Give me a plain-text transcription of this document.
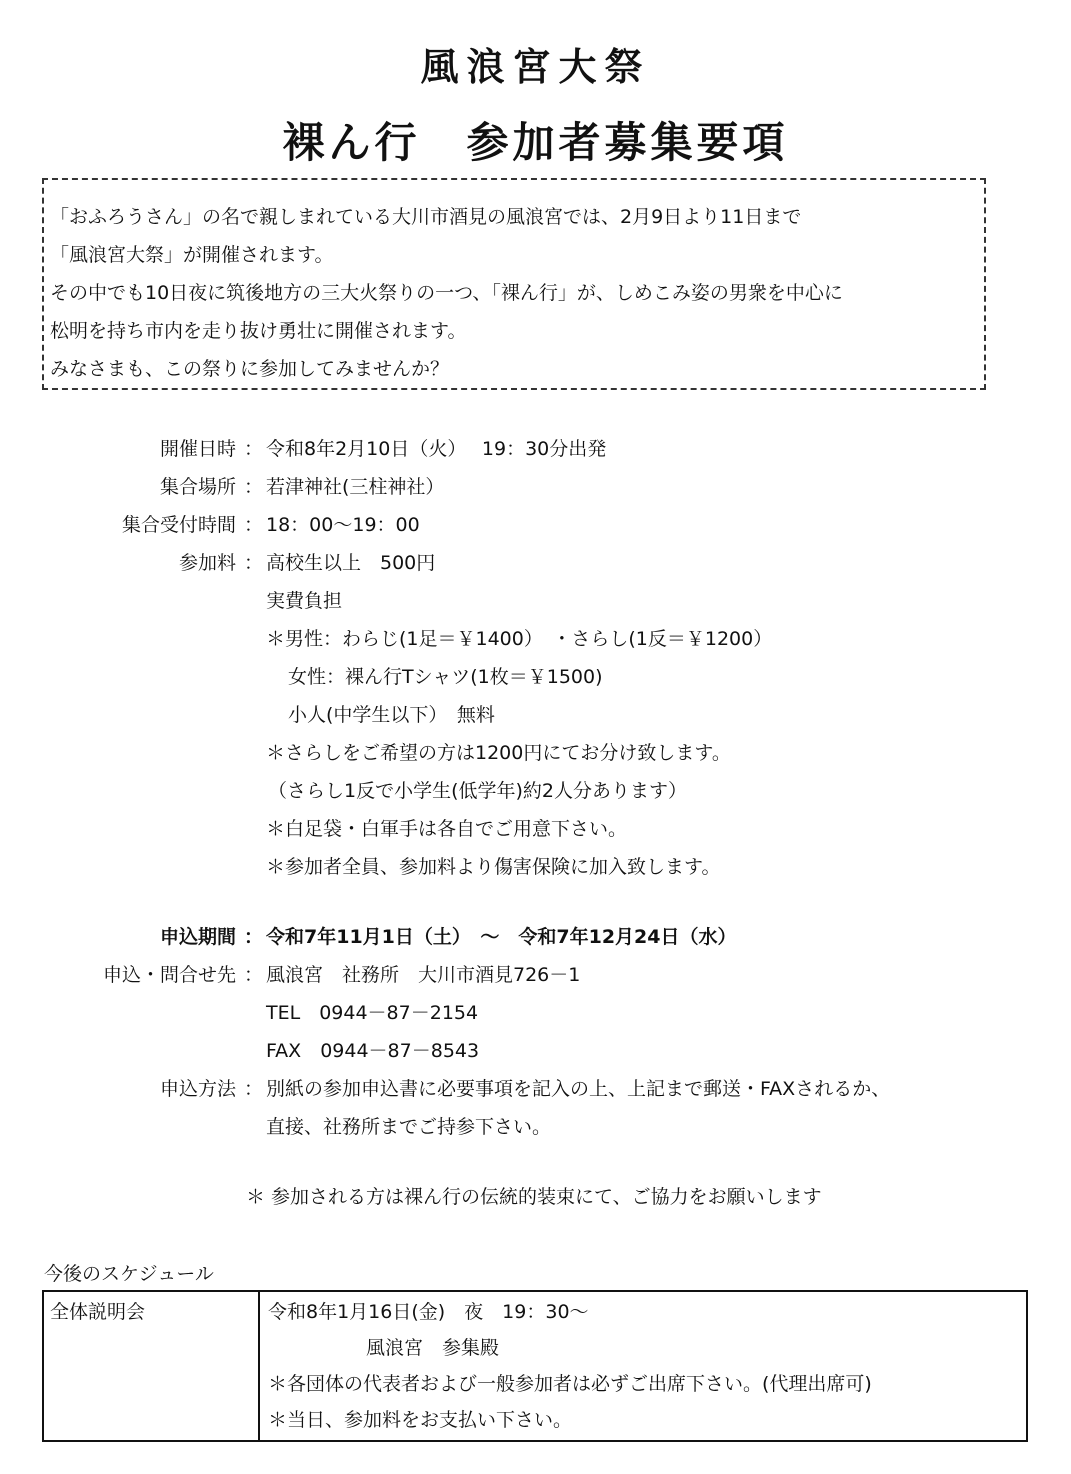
風浪宮大祭
裸ん行　参加者募集要項
「おふろうさん」の名で親しまれている大川市酒見の風浪宮では、2月9日より11日まで
「風浪宮大祭」が開催されます。
その中でも10日夜に筑後地方の三大火祭りの一つ、「裸ん行」が、しめこみ姿の男衆を中心に
松明を持ち市内を走り抜け勇壮に開催されます。
みなさまも、この祭りに参加してみませんか？
開催日時 ： 令和8年2月10日（火）　 19：30分出発
集合場所 ： 若津神社(三柱神社）
集合受付時間 ： 18：00～19：00
参加料 ： 高校生以上　500円
実費負担
＊男性：わらじ(1足＝￥1400）　・さらし(1反＝￥1200）
女性：裸ん行Tシャツ(1枚＝￥1500)
小人(中学生以下）　無料
＊さらしをご希望の方は1200円にてお分け致します。
（さらし1反で小学生(低学年)約2人分あります）
＊白足袋・白軍手は各自でご用意下さい。
＊参加者全員、参加料より傷害保険に加入致します。
申込期間 ： 令和7年11月1日（土）　～　令和7年12月24日（水）
申込・問合せ先 ： 風浪宮　社務所　大川市酒見726－1
TEL　0944－87－2154
FAX　0944－87－8543
申込方法 ： 別紙の参加申込書に必要事項を記入の上、上記まで郵送・FAXされるか、
直接、社務所までご持参下さい。
＊ 参加される方は裸ん行の伝統的装束にて、ご協力をお願いします
今後のスケジュール
全体説明会	令和8年1月16日(金)　夜　19：30～
風浪宮　参集殿
＊各団体の代表者および一般参加者は必ずご出席下さい。(代理出席可)
＊当日、参加料をお支払い下さい。
